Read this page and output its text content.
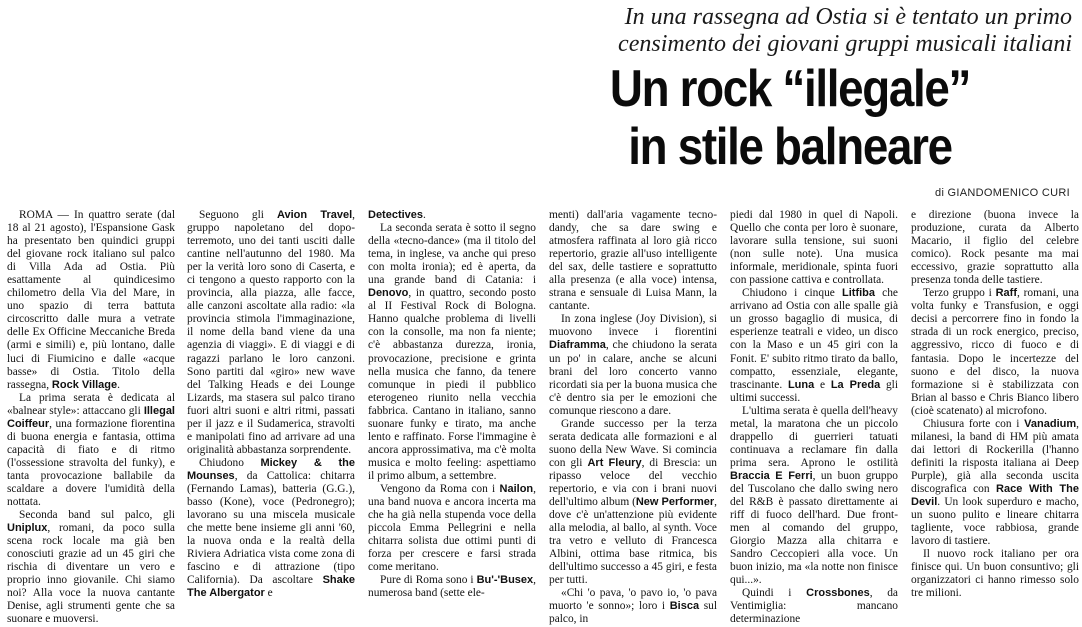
In una rassegna ad Ostia si è tentato un primo censimento dei giovani gruppi musicali italiani
Un rock “illegale”
in stile balneare
di GIANDOMENICO CURI

ROMA — In quattro serate (dal 18 al 21 agosto), l'Espansione Gask ha presentato ben quindici gruppi del giovane rock italiano sul palco di Villa Ada ad Ostia. Più esattamente al quindicesimo chilometro della Via del Mare, in uno spazio di terra battuta circoscritto dalle mura a vetrate delle Ex Officine Meccaniche Breda (armi e simili) e, più lontano, dalle luci di Fiumicino e dalle «acque basse» di Ostia. Titolo della rassegna, Rock Village.

La prima serata è dedicata al «balnear style»: attaccano gli Illegal Coiffeur, una formazione fiorentina di buona energia e fantasia, ottima capacità di fiato e di ritmo (l'ossessione stravolta del funky), e tanta provocazione ballabile da scaldare a dovere l'umidità della nottata.

Seconda band sul palco, gli Uniplux, romani, da poco sulla scena rock locale ma già ben conosciuti grazie ad un 45 giri che rischia di diventare un vero e proprio inno giovanile. Chi siamo noi? Alla voce la nuova cantante Denise, agli strumenti gente che sa suonare e muoversi.

Seguono gli Avion Travel, gruppo napoletano del dopo-terremoto, uno dei tanti usciti dalle cantine nell'autunno del 1980. Ma per la verità loro sono di Caserta, e ci tengono a questo rapporto con la provincia, alla piazza, alle facce, alle canzoni ascoltate alla radio: «la provincia stimola l'immaginazione, il nome della band viene da una agenzia di viaggi». E di viaggi e di ragazzi parlano le loro canzoni. Sono partiti dal «giro» new wave del Talking Heads e dei Lounge Lizards, ma stasera sul palco tirano fuori altri suoni e altri ritmi, passati per il jazz e il Sudamerica, stravolti e manipolati fino ad arrivare ad una originalità abbastanza sorprendente.

Chiudono Mickey & the Mounses, da Cattolica: chitarra (Fernando Lamas), batteria (G.G.), basso (Kone), voce (Pedronegro); lavorano su una miscela musicale che mette bene insieme gli anni '60, la nuova onda e la realtà della Riviera Adriatica vista come zona di fascino e di attrazione (tipo California). Da ascoltare Shake The Albergator e

Detectives.

La seconda serata è sotto il segno della «tecno-dance» (ma il titolo del tema, in inglese, va anche qui preso con molta ironia); ed è aperta, da una grande band di Catania: i Denovo, in quattro, secondo posto al II Festival Rock di Bologna. Hanno qualche problema di livelli con la consolle, ma non fa niente; c'è abbastanza durezza, ironia, provocazione, precisione e grinta nella musica che fanno, da tenere comunque in piedi il pubblico eterogeneo riunito nella vecchia fabbrica. Cantano in italiano, sanno suonare funky e tirato, ma anche lento e raffinato. Forse l'immagine è ancora approssimativa, ma c'è molta musica e molto feeling: aspettiamo il primo album, a settembre.

Vengono da Roma con i Nailon, una band nuova e ancora incerta ma che ha già nella stupenda voce della piccola Emma Pellegrini e nella chitarra solista due ottimi punti di forza per crescere e farsi strada come meritano.

Pure di Roma sono i Bu'-'Busex, numerosa band (sette ele-

menti) dall'aria vagamente tecno-dandy, che sa dare swing e atmosfera raffinata al loro già ricco repertorio, grazie all'uso intelligente del sax, delle tastiere e soprattutto alla presenza (e alla voce) intensa, strana e sensuale di Luisa Mann, la cantante.

In zona inglese (Joy Division), si muovono invece i fiorentini Diaframma, che chiudono la serata un po' in calare, anche se alcuni brani del loro concerto vanno ricordati sia per la buona musica che c'è dentro sia per le emozioni che comunque riescono a dare.

Grande successo per la terza serata dedicata alle formazioni e al suono della New Wave. Si comincia con gli Art Fleury, di Brescia: un ripasso veloce del vecchio repertorio, e via con i brani nuovi dell'ultimo album (New Performer, dove c'è un'attenzione più evidente alla melodia, al ballo, al synth. Voce tra vetro e velluto di Francesca Albini, ottima base ritmica, bis dell'ultimo successo a 45 giri, e festa per tutti.

«Chi 'o pava, 'o pavo io, 'o pava muorto 'e sonno»; loro i Bisca sul palco, in

piedi dal 1980 in quel di Napoli. Quello che conta per loro è suonare, lavorare sulla tensione, sui suoni (non sulle note). Una musica informale, meridionale, spinta fuori con passione cattiva e controllata.

Chiudono i cinque Litfiba che arrivano ad Ostia con alle spalle già un grosso bagaglio di musica, di esperienze teatrali e video, un disco con la Maso e un 45 giri con la Fonit. E' subito ritmo tirato da ballo, compatto, essenziale, elegante, trascinante. Luna e La Preda gli ultimi successi.

L'ultima serata è quella dell'heavy metal, la maratona che un piccolo drappello di guerrieri tatuati continuava a reclamare fin dalla prima sera. Aprono le ostilità Braccia E Ferri, un buon gruppo del Tuscolano che dallo swing nero del R&B è passato direttamente ai riff di fuoco dell'hard. Due front-men al comando del gruppo, Giorgio Mazza alla chitarra e Sandro Ceccopieri alla voce. Un buon inizio, ma «la notte non finisce qui...».

Quindi i Crossbones, da Ventimiglia: mancano determinazione

e direzione (buona invece la produzione, curata da Alberto Macario, il figlio del celebre comico). Rock pesante ma mai eccessivo, grazie soprattutto alla presenza tonda delle tastiere.

Terzo gruppo i Raff, romani, una volta funky e Transfusion, e oggi decisi a percorrere fino in fondo la strada di un rock energico, preciso, aggressivo, ricco di fuoco e di fantasia. Dopo le incertezze del suono e del disco, la nuova formazione si è stabilizzata con Brian al basso e Chris Bianco libero (cioè scatenato) al microfono.

Chiusura forte con i Vanadium, milanesi, la band di HM più amata dai lettori di Rockerilla (l'hanno definiti la risposta italiana ai Deep Purple), già alla seconda uscita discografica con Race With The Devil. Un look superduro e macho, un suono pulito e lineare chitarra tagliente, voce rabbiosa, grande lavoro di tastiere.

Il nuovo rock italiano per ora finisce qui. Un buon consuntivo; gli organizzatori ci hanno rimesso solo tre milioni.
